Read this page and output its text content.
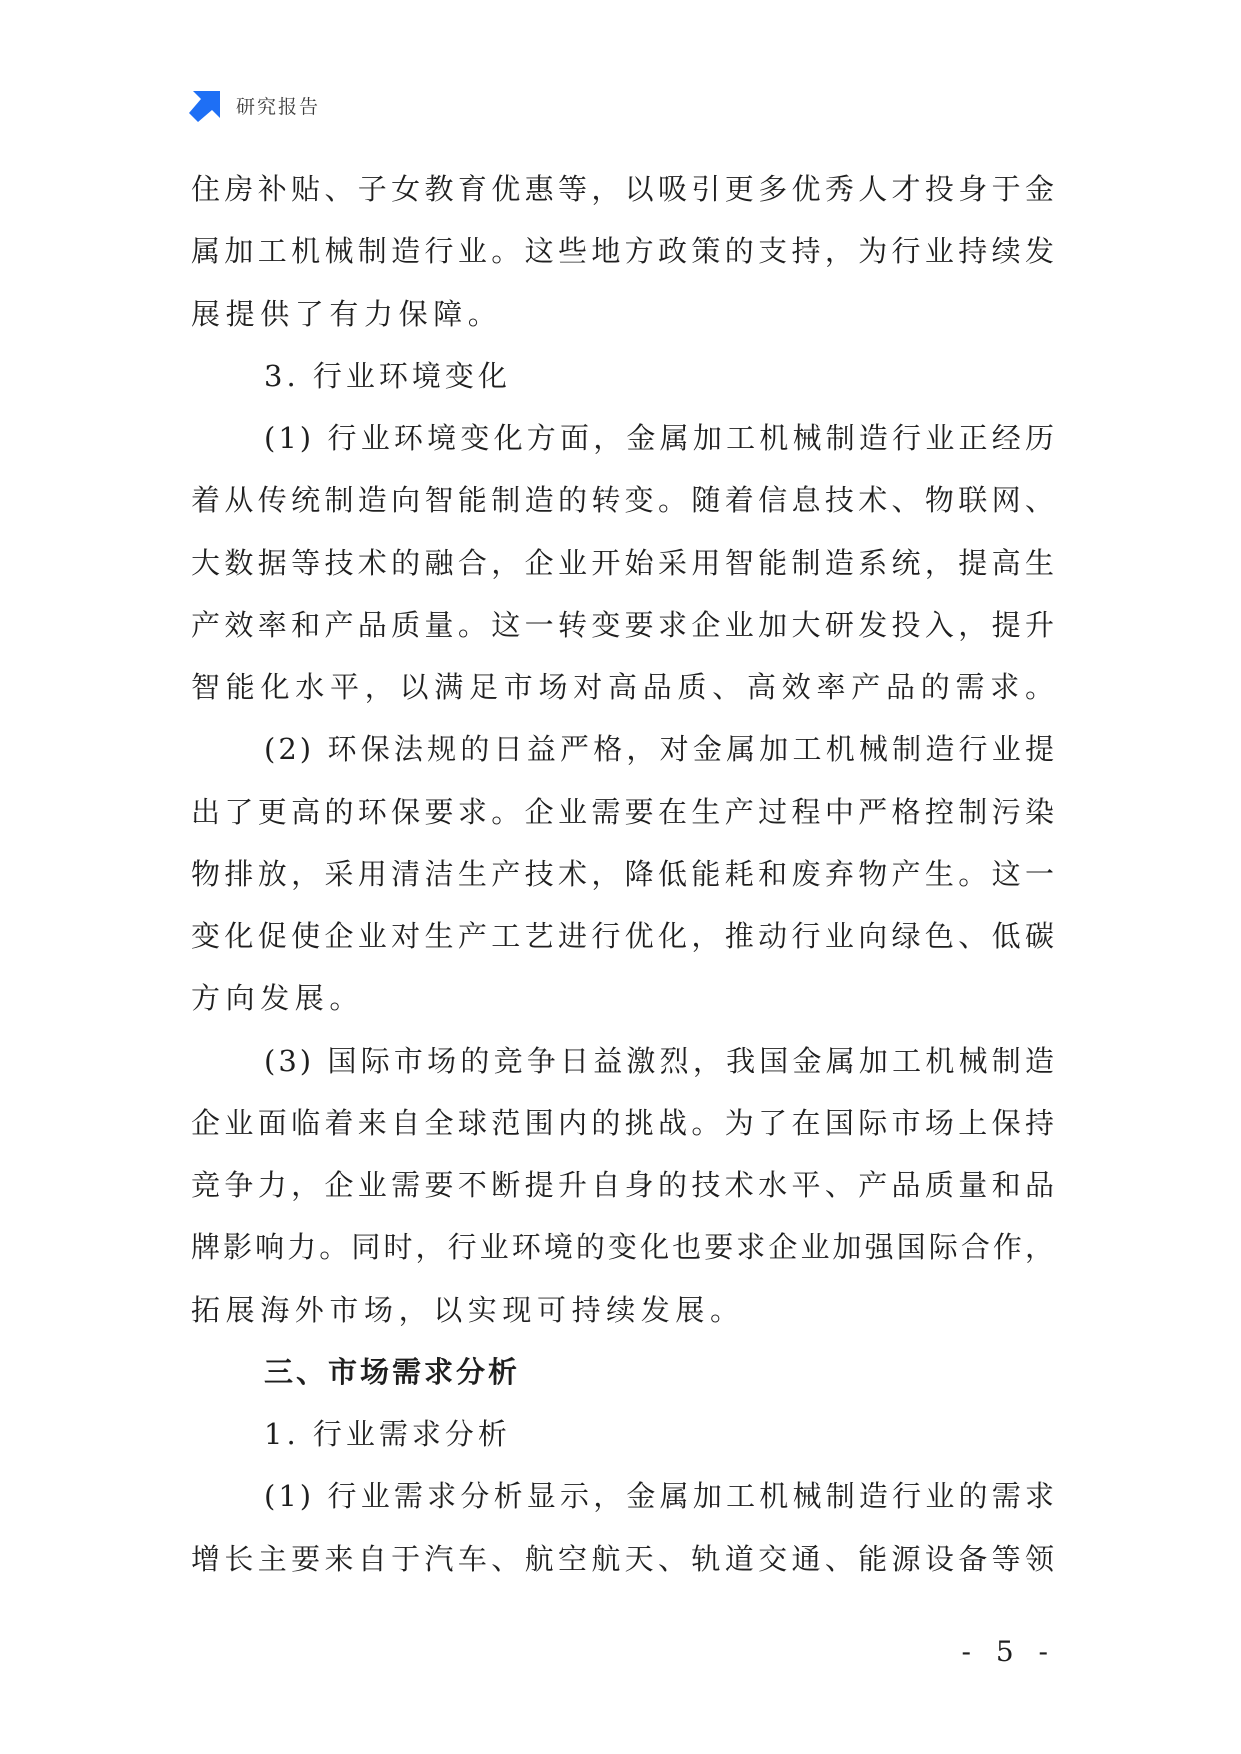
研究报告
住房补贴、子女教育优惠等，以吸引更多优秀人才投身于金
属加工机械制造行业。这些地方政策的支持，为行业持续发
展提供了有力保障。
3. 行业环境变化
(1) 行业环境变化方面，金属加工机械制造行业正经历
着从传统制造向智能制造的转变。随着信息技术、物联网、
大数据等技术的融合，企业开始采用智能制造系统，提高生
产效率和产品质量。这一转变要求企业加大研发投入，提升
智能化水平，以满足市场对高品质、高效率产品的需求。
(2) 环保法规的日益严格，对金属加工机械制造行业提
出了更高的环保要求。企业需要在生产过程中严格控制污染
物排放，采用清洁生产技术，降低能耗和废弃物产生。这一
变化促使企业对生产工艺进行优化，推动行业向绿色、低碳
方向发展。
(3) 国际市场的竞争日益激烈，我国金属加工机械制造
企业面临着来自全球范围内的挑战。为了在国际市场上保持
竞争力，企业需要不断提升自身的技术水平、产品质量和品
牌影响力。同时，行业环境的变化也要求企业加强国际合作，
拓展海外市场，以实现可持续发展。
三、市场需求分析
1. 行业需求分析
(1) 行业需求分析显示，金属加工机械制造行业的需求
增长主要来自于汽车、航空航天、轨道交通、能源设备等领
- 5 -
